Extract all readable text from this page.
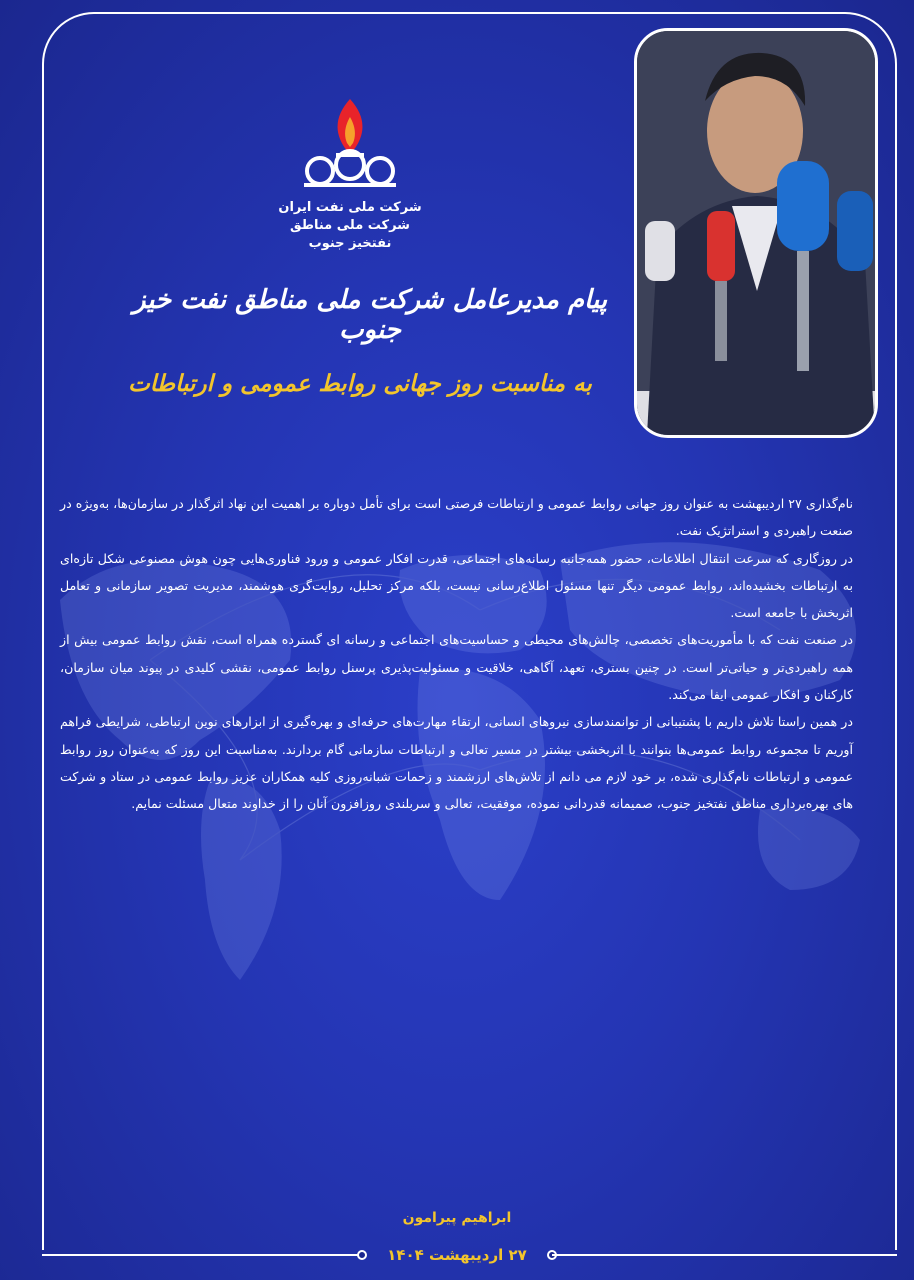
شرکت ملی نفت ایران
شرکت ملی مناطق نفتخیز جنوب
پیام مدیرعامل شرکت ملی مناطق نفت خیز جنوب
به مناسبت روز جهانی روابط عمومی و ارتباطات

نام‌گذاری ۲۷ اردیبهشت به عنوان روز جهانی روابط عمومی و ارتباطات فرصتی است برای تأمل دوباره بر اهمیت این نهاد اثرگذار در سازمان‌ها، به‌ویژه در صنعت راهبردی و استراتژیک نفت.

در روزگاری که سرعت انتقال اطلاعات، حضور همه‌جانبه رسانه‌های اجتماعی، قدرت افکار عمومی و ورود فناوری‌هایی چون هوش مصنوعی شکل تازه‌ای به ارتباطات بخشیده‌اند، روابط عمومی دیگر تنها مسئول اطلاع‌رسانی نیست، بلکه مرکز تحلیل، روایت‌گری هوشمند، مدیریت تصویر سازمانی و تعامل اثربخش با جامعه است.

در صنعت نفت که با مأموریت‌های تخصصی، چالش‌های محیطی و حساسیت‌های اجتماعی و رسانه ای گسترده همراه است، نقش روابط عمومی بیش از همه راهبردی‌تر و حیاتی‌تر است. در چنین بستری، تعهد، آگاهی، خلاقیت و مسئولیت‌پذیری پرسنل روابط عمومی، نقشی کلیدی در پیوند میان سازمان، کارکنان و افکار عمومی ایفا می‌کند.

در همین راستا تلاش داریم با پشتیبانی از توانمندسازی نیروهای انسانی، ارتقاء مهارت‌های حرفه‌ای و بهره‌گیری از ابزارهای نوین ارتباطی، شرایطی فراهم آوریم تا مجموعه روابط عمومی‌ها بتوانند با اثربخشی بیشتر در مسیر تعالی و ارتباطات سازمانی گام بردارند. به‌مناسبت این روز که به‌عنوان روز روابط عمومی و ارتباطات نام‌گذاری شده، بر خود لازم می دانم از تلاش‌های ارزشمند و زحمات شبانه‌روزی کلیه همکاران عزیز روابط عمومی در ستاد و شرکت های بهره‌برداری مناطق نفتخیز جنوب، صمیمانه قدردانی نموده، موفقیت، تعالی و سربلندی روزافزون آنان را از خداوند متعال مسئلت نمایم.

ابراهیم پیرامون
۲۷ اردیبهشت ۱۴۰۴
